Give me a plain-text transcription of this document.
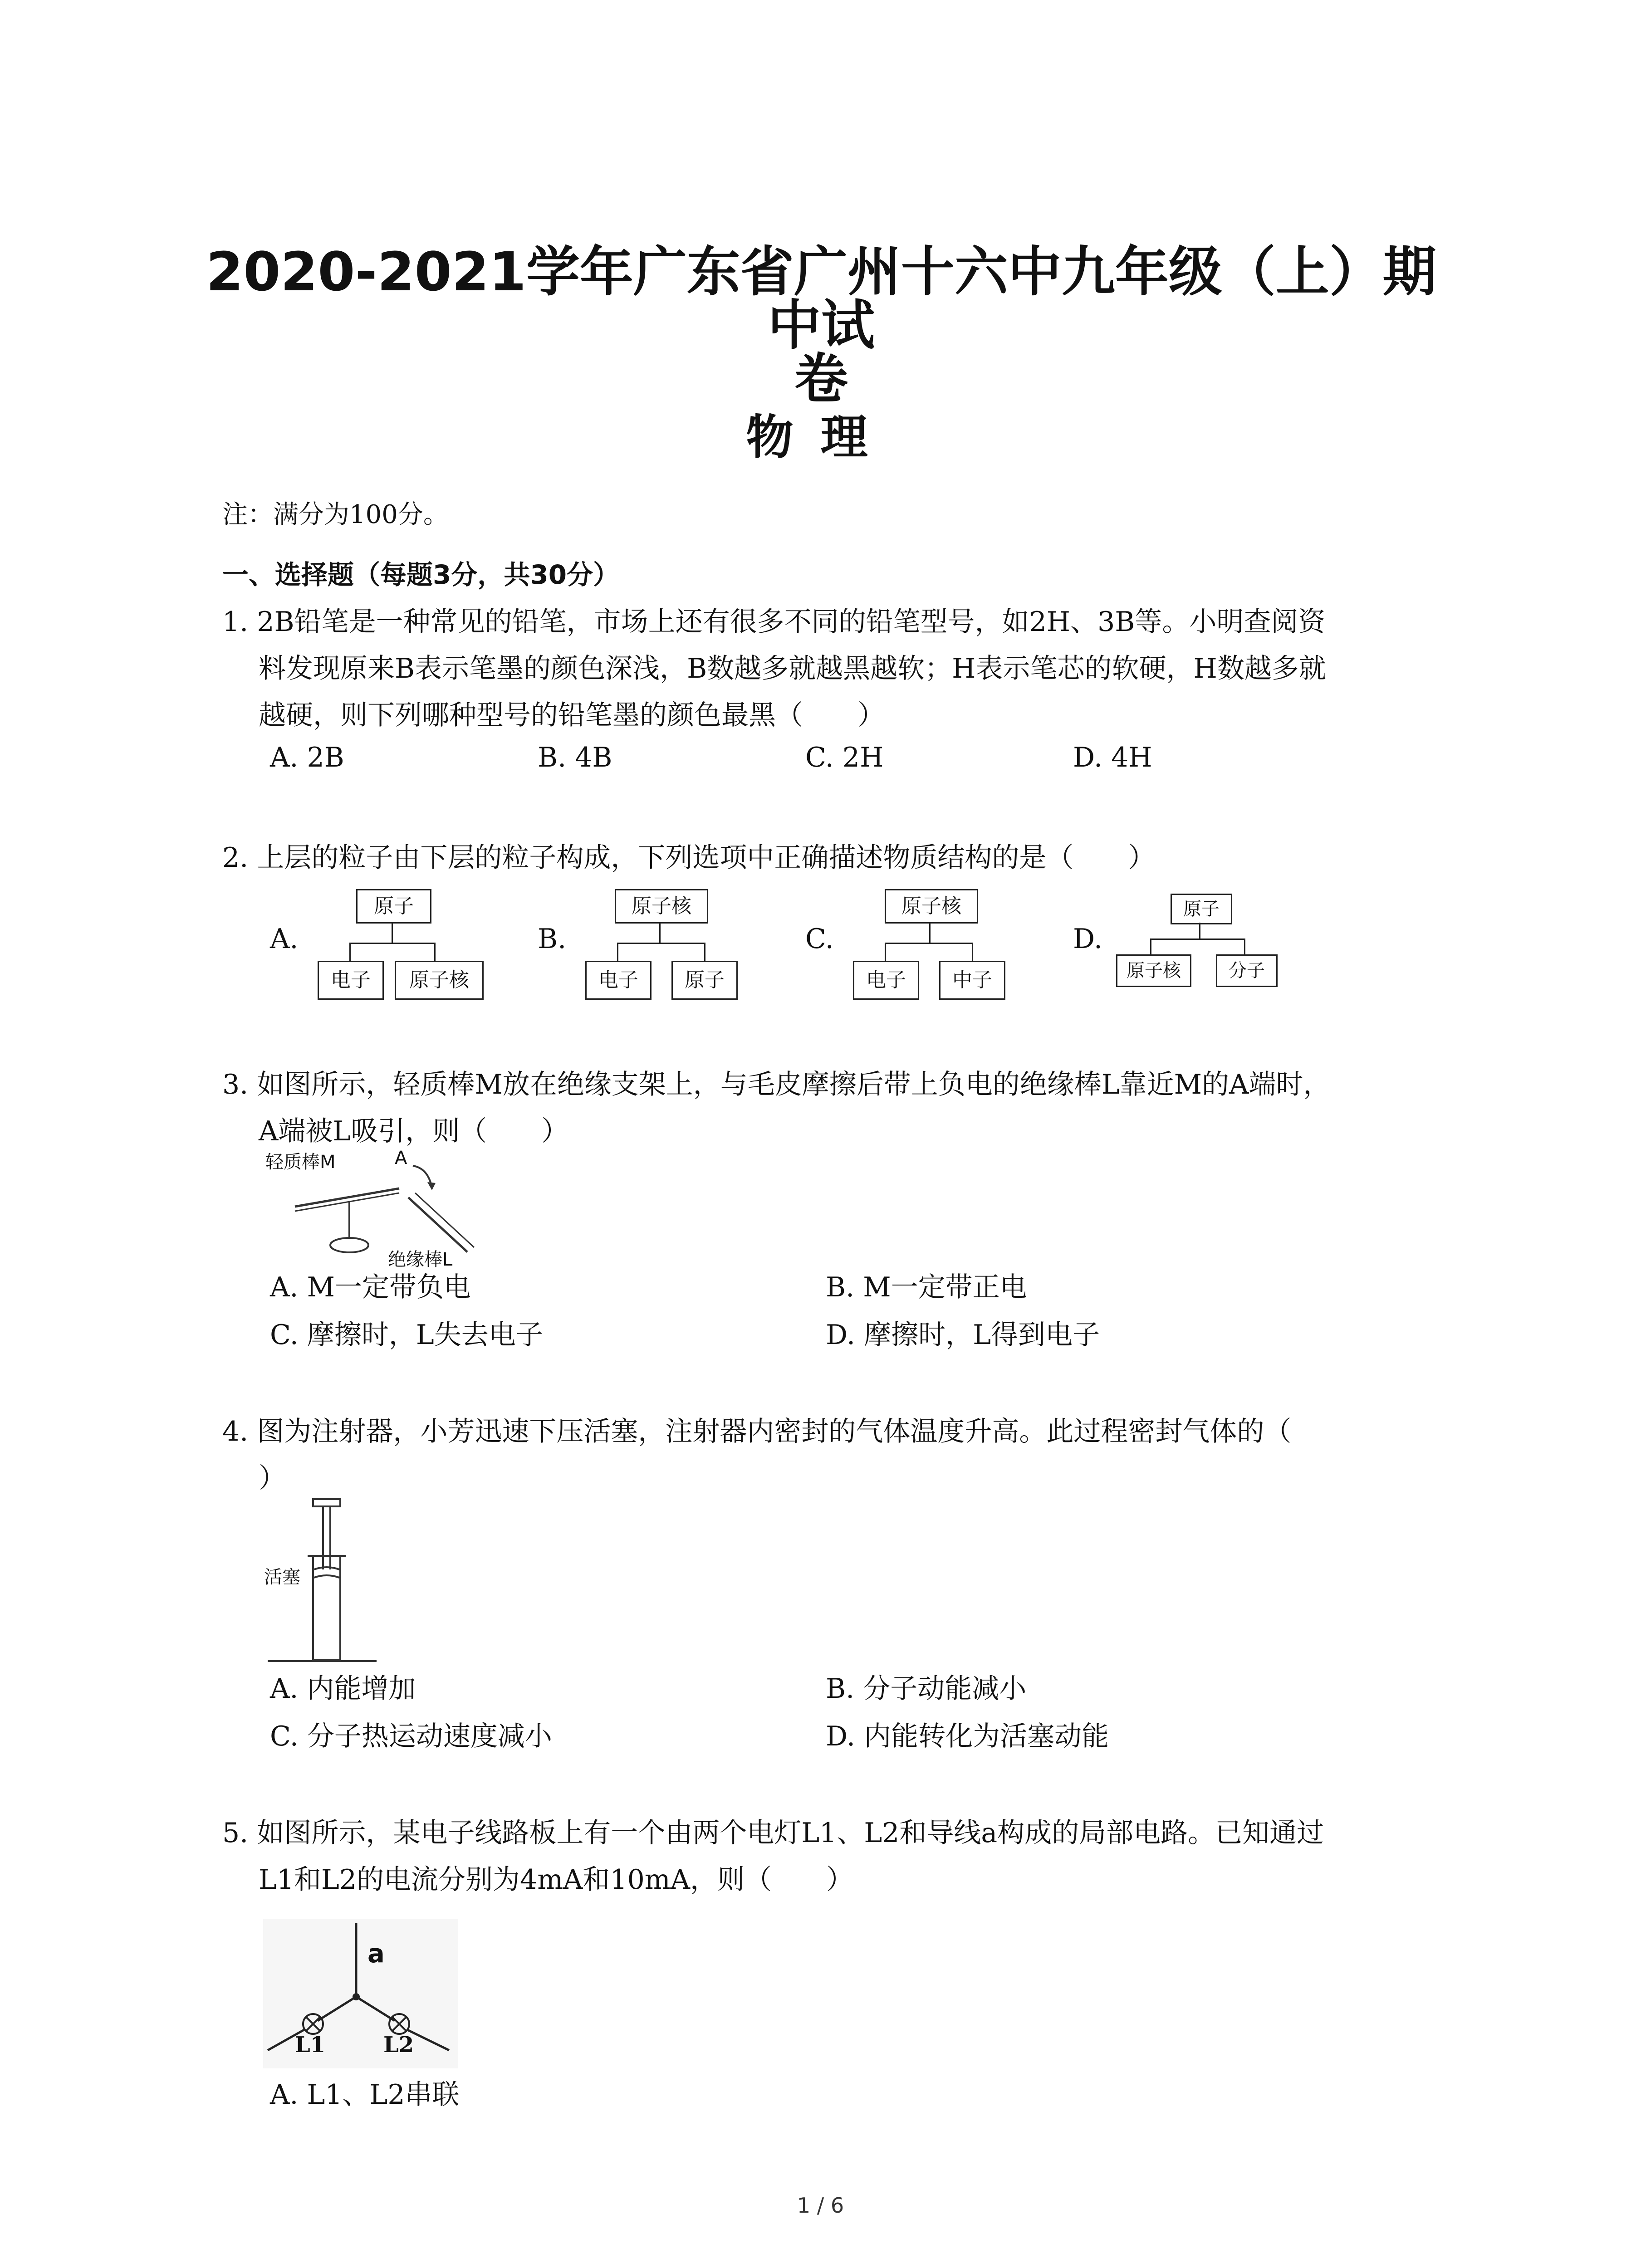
2020-2021学年广东省广州十六中九年级（上）期中试
卷
物理
注：满分为100分。
一、选择题（每题3分，共30分）
1. 2B铅笔是一种常见的铅笔，市场上还有很多不同的铅笔型号，如2H、3B等。小明查阅资
料发现原来B表示笔墨的颜色深浅，B数越多就越黑越软；H表示笔芯的软硬，H数越多就
越硬，则下列哪种型号的铅笔墨的颜色最黑（　　）
A. 2B	B. 4B	C. 2H	D. 4H
2. 上层的粒子由下层的粒子构成，下列选项中正确描述物质结构的是（　　）
A.	B.	C.	D.
原子
电子	原子核
原子核
电子	原子
原子核
电子	中子
原子
原子核	分子
3. 如图所示，轻质棒M放在绝缘支架上，与毛皮摩擦后带上负电的绝缘棒L靠近M的A端时，
A端被L吸引，则（　　）
轻质棒M	A
绝缘棒L
A. M一定带负电	B. M一定带正电
C. 摩擦时，L失去电子	D. 摩擦时，L得到电子
4. 图为注射器，小芳迅速下压活塞，注射器内密封的气体温度升高。此过程密封气体的（
）
活塞
A. 内能增加	B. 分子动能减小
C. 分子热运动速度减小	D. 内能转化为活塞动能
5. 如图所示，某电子线路板上有一个由两个电灯L1、L2和导线a构成的局部电路。已知通过
L1和L2的电流分别为4mA和10mA，则（　　）
a
L1	L2
A. L1、L2串联
1 / 6
